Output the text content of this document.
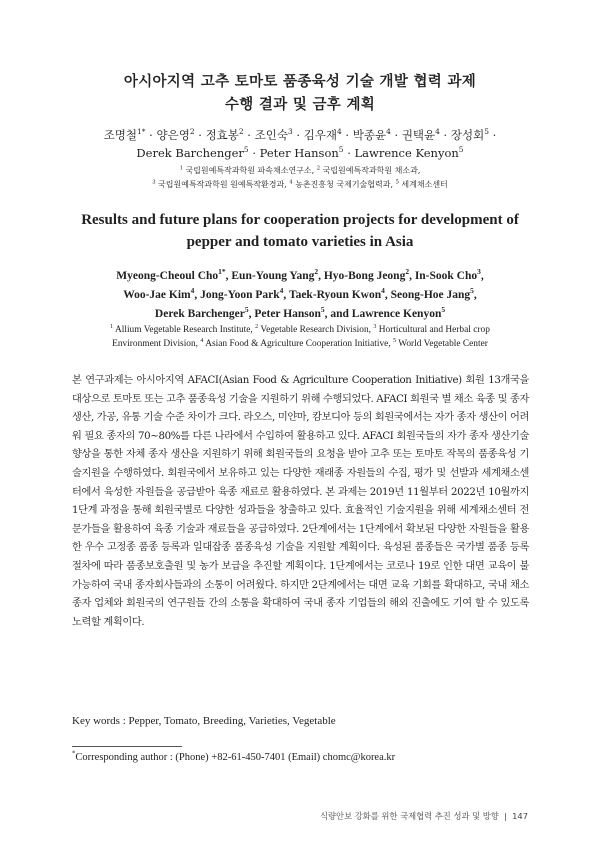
아시아지역 고추 토마토 품종육성 기술 개발 협력 과제
수행 결과 및 금후 계획
조명철$^{1*}$ · 양은영$^2$ · 정효봉$^2$ · 조인숙$^3$ · 김우재$^4$ · 박종윤$^4$ · 권택윤$^4$ · 장성회$^5$ ·
Derek Barchenger$^5$ · Peter Hanson$^5$ · Lawrence Kenyon$^5$
$^1$ 국립원예특작과학원 파속채소연구소, $^2$ 국립원예특작과학원 채소과,
$^3$ 국립원예특작과학원 원예특작환경과, $^4$ 농촌진흥청 국제기술협력과, $^5$ 세계채소센터
Results and future plans for cooperation projects for development of
pepper and tomato varieties in Asia
Myeong-Cheoul Cho$^{1*}$, Eun-Young Yang$^2$, Hyo-Bong Jeong$^2$, In-Sook Cho$^3$,
Woo-Jae Kim$^4$, Jong-Yoon Park$^4$, Taek-Ryoun Kwon$^4$, Seong-Hoe Jang$^5$,
Derek Barchenger$^5$, Peter Hanson$^5$, and Lawrence Kenyon$^5$
$^1$ Allium Vegetable Research Institute, $^2$ Vegetable Research Division, $^3$ Horticultural and Herbal crop
Environment Division, $^4$ Asian Food & Agriculture Cooperation Initiative, $^5$ World Vegetable Center

본 연구과제는 아시아지역 AFACI(Asian Food & Agriculture Cooperation Initiative) 회원 13개국을 대상으로 토마토 또는 고추 품종육성 기술을 지원하기 위해 수행되었다. AFACI 회원국 별 채소 육종 및 종자 생산, 가공, 유통 기술 수준 차이가 크다. 라오스, 미얀마, 캄보디아 등의 회원국에서는 자가 종자 생산이 어려워 필요 종자의 70~80%를 다른 나라에서 수입하여 활용하고 있다. AFACI 회원국들의 자가 종자 생산기술 향상을 통한 자체 종자 생산을 지원하기 위해 회원국들의 요청을 받아 고추 또는 토마토 작목의 품종육성 기술지원을 수행하였다. 회원국에서 보유하고 있는 다양한 재래종 자원들의 수집, 평가 및 선발과 세계채소센터에서 육성한 자원들을 공급받아 육종 재료로 활용하였다. 본 과제는 2019년 11월부터 2022년 10월까지 1단계 과정을 통해 회원국별로 다양한 성과들을 창출하고 있다. 효율적인 기술지원을 위해 세계채소센터 전문가들을 활용하여 육종 기술과 재료들을 공급하였다. 2단계에서는 1단계에서 확보된 다양한 자원들을 활용한 우수 고정종 품종 등록과 일대잡종 품종육성 기술을 지원할 계획이다. 육성된 품종들은 국가별 품종 등록 절차에 따라 품종보호출원 및 농가 보급을 추진할 계획이다. 1단계에서는 코로나 19로 인한 대면 교육이 불가능하여 국내 종자회사들과의 소통이 어려웠다. 하지만 2단계에서는 대면 교육 기회를 확대하고, 국내 채소 종자 업체와 회원국의 연구원들 간의 소통을 확대하여 국내 종자 기업들의 해외 진출에도 기여 할 수 있도록 노력할 계획이다.

Key words : Pepper, Tomato, Breeding, Varieties, Vegetable
*Corresponding author : (Phone) +82-61-450-7401 (Email) chomc@korea.kr
식량안보 강화를 위한 국제협력 추진 성과 및 방향 | 147
